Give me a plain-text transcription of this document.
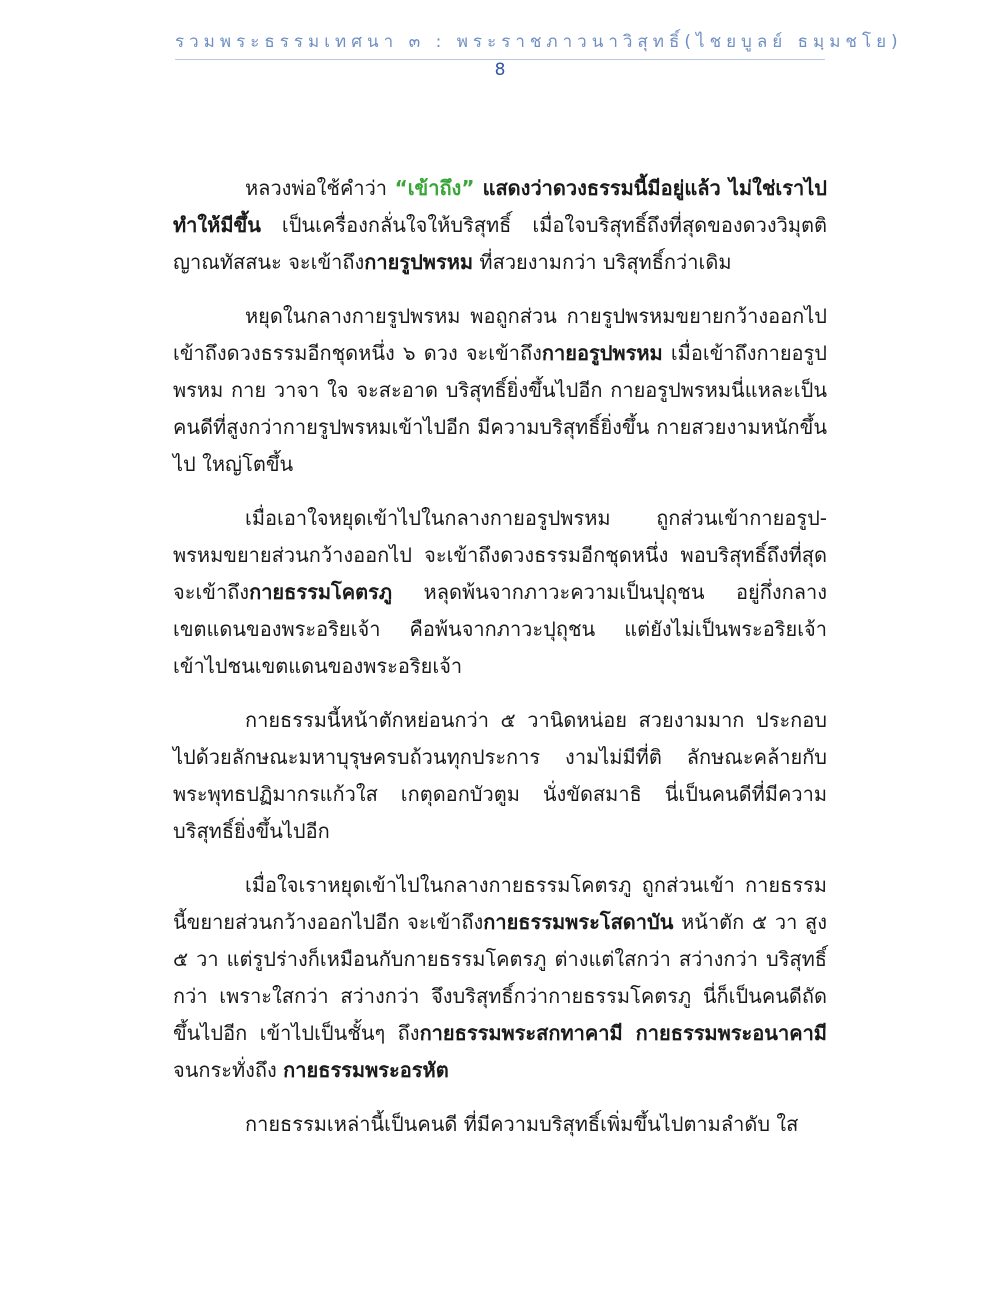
รวมพระธรรมเทศนา ๓ : พระราชภาวนาวิสุทธิ์(ไชยบูลย์ ธมฺมชโย)
8

หลวงพ่อใช้คำว่า “เข้าถึง” แสดงว่าดวงธรรมนี้มีอยู่แล้ว ไม่ใช่เราไปทำให้มีขึ้น เป็นเครื่องกลั่นใจให้บริสุทธิ์ เมื่อใจบริสุทธิ์ถึงที่สุดของดวงวิมุตติญาณทัสสนะ จะเข้าถึงกายรูปพรหม ที่สวยงามกว่า บริสุทธิ์กว่าเดิม

หยุดในกลางกายรูปพรหม พอถูกส่วน กายรูปพรหมขยายกว้างออกไป เข้าถึงดวงธรรมอีกชุดหนึ่ง ๖ ดวง จะเข้าถึงกายอรูปพรหม เมื่อเข้าถึงกายอรูปพรหม กาย วาจา ใจ จะสะอาด บริสุทธิ์ยิ่งขึ้นไปอีก กายอรูปพรหมนี่แหละเป็นคนดีที่สูงกว่ากายรูปพรหมเข้าไปอีก มีความบริสุทธิ์ยิ่งขึ้น กายสวยงามหนักขึ้นไป ใหญ่โตขึ้น

เมื่อเอาใจหยุดเข้าไปในกลางกายอรูปพรหม ถูกส่วนเข้ากายอรูป-พรหมขยายส่วนกว้างออกไป จะเข้าถึงดวงธรรมอีกชุดหนึ่ง พอบริสุทธิ์ถึงที่สุดจะเข้าถึงกายธรรมโคตรภู หลุดพ้นจากภาวะความเป็นปุถุชน อยู่กึ่งกลางเขตแดนของพระอริยเจ้า คือพ้นจากภาวะปุถุชน แต่ยังไม่เป็นพระอริยเจ้าเข้าไปชนเขตแดนของพระอริยเจ้า

กายธรรมนี้หน้าตักหย่อนกว่า ๕ วานิดหน่อย สวยงามมาก ประกอบไปด้วยลักษณะมหาบุรุษครบถ้วนทุกประการ งามไม่มีที่ติ ลักษณะคล้ายกับพระพุทธปฏิมากรแก้วใส เกตุดอกบัวตูม นั่งขัดสมาธิ นี่เป็นคนดีที่มีความบริสุทธิ์ยิ่งขึ้นไปอีก

เมื่อใจเราหยุดเข้าไปในกลางกายธรรมโคตรภู ถูกส่วนเข้า กายธรรมนี้ขยายส่วนกว้างออกไปอีก จะเข้าถึงกายธรรมพระโสดาบัน หน้าตัก ๕ วา สูง ๕ วา แต่รูปร่างก็เหมือนกับกายธรรมโคตรภู ต่างแต่ใสกว่า สว่างกว่า บริสุทธิ์กว่า เพราะใสกว่า สว่างกว่า จึงบริสุทธิ์กว่ากายธรรมโคตรภู นี่ก็เป็นคนดีถัดขึ้นไปอีก เข้าไปเป็นชั้นๆ ถึงกายธรรมพระสกทาคามี กายธรรมพระอนาคามี จนกระทั่งถึง กายธรรมพระอรหัต

กายธรรมเหล่านี้เป็นคนดี ที่มีความบริสุทธิ์เพิ่มขึ้นไปตามลำดับ ใส
